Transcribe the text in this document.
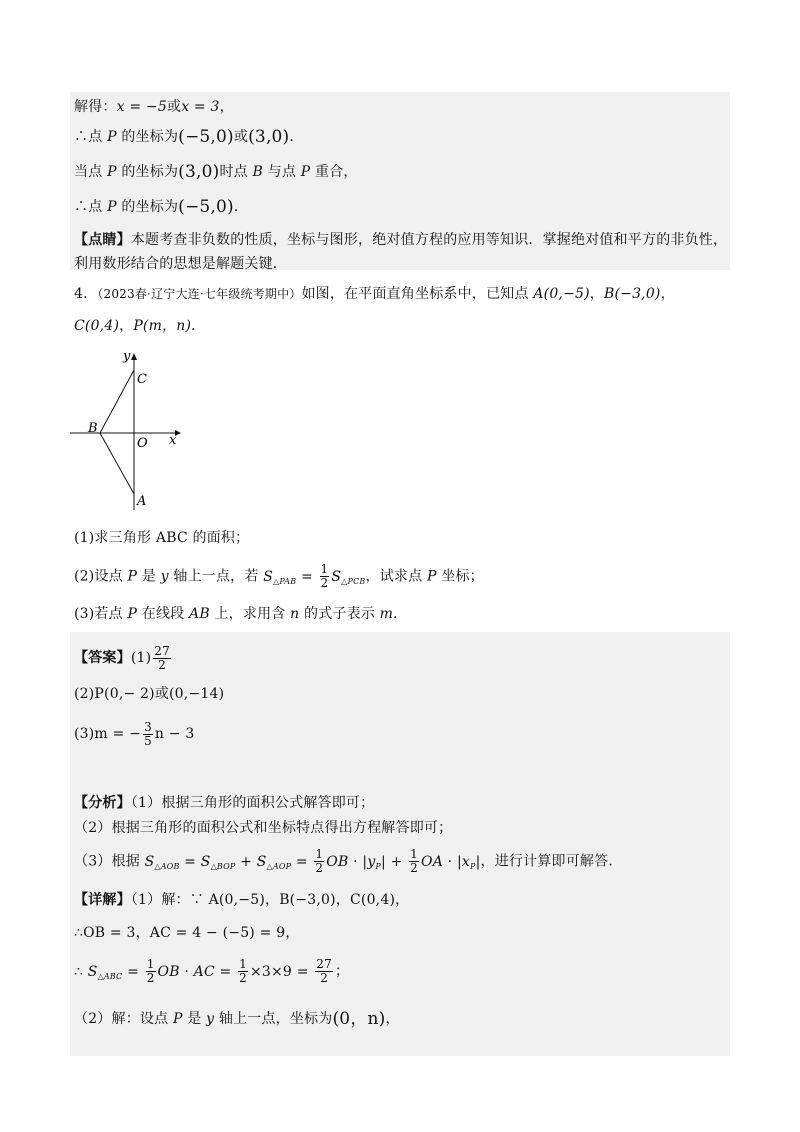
解得：x = −5或x = 3，
∴点 P 的坐标为(−5,0)或(3,0)．
当点 P 的坐标为(3,0)时点 B 与点 P 重合，
∴点 P 的坐标为(−5,0)．
【点睛】本题考查非负数的性质，坐标与图形，绝对值方程的应用等知识．掌握绝对值和平方的非负性，
利用数形结合的思想是解题关键．
4．（2023春·辽宁大连·七年级统考期中）如图，在平面直角坐标系中，已知点 A(0,−5)，B(−3,0)，
C(0,4)，P(m，n)．
y
x
C
B
O
A
(1)求三角形 ABC 的面积；
(2)设点 P 是 y 轴上一点，若 $S_{\triangle PAB} = \frac{1}{2} S_{\triangle PCB}$，试求点 P 坐标；
(3)若点 P 在线段 AB 上，求用含 n 的式子表示 m．
【答案】$(1) \frac{27}{2}$
(2)P(0,− 2)或(0,−14)
(3)m = − $\frac{3}{5}$ n − 3
【分析】（1）根据三角形的面积公式解答即可；
（2）根据三角形的面积公式和坐标特点得出方程解答即可；
（3）根据 $S_{\triangle AOB} = S_{\triangle BOP} + S_{\triangle AOP} = \frac{1}{2}$ OB · $|y_P| + \frac{1}{2}$ OA · $|x_P|$，进行计算即可解答．
【详解】（1）解：∵ A(0,−5)，B(−3,0)，C(0,4)，
∴OB = 3，AC = 4 − (−5) = 9，
∴ $S_{\triangle ABC} = \frac{1}{2}$ OB · AC = $\frac{1}{2} \times 3\times 9 = \frac{27}{2}$ ；
（2）解：设点 P 是 y 轴上一点，坐标为(0，n)，
